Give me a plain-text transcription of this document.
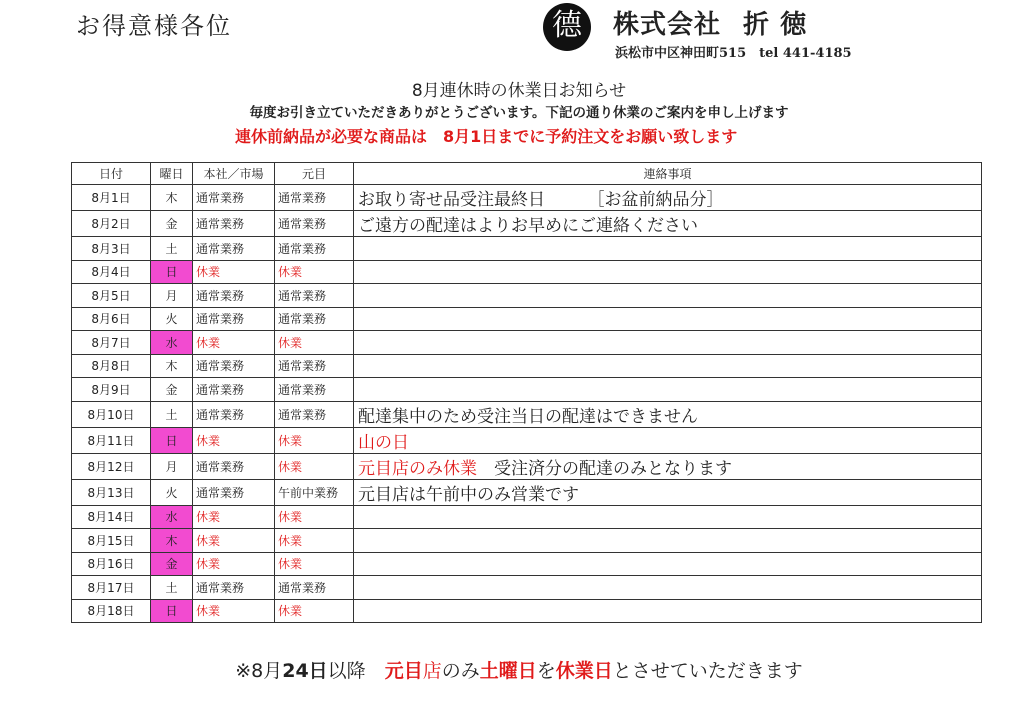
お得意様各位	德	株式会社 折 徳
浜松市中区神田町515　tel 441-4185
8月連休時の休業日お知らせ
毎度お引き立ていただきありがとうございます。下記の通り休業のご案内を申し上げます
連休前納品が必要な商品は　8月1日までに予約注文をお願い致します
日付	曜日	本社／市場	元目	連絡事項
8月1日	木	通常業務	通常業務	お取り寄せ品受注最終日　　　［お盆前納品分］
8月2日	金	通常業務	通常業務	ご遠方の配達はよりお早めにご連絡ください
8月3日	土	通常業務	通常業務	
8月4日	日	休業	休業	
8月5日	月	通常業務	通常業務	
8月6日	火	通常業務	通常業務	
8月7日	水	休業	休業	
8月8日	木	通常業務	通常業務	
8月9日	金	通常業務	通常業務	
8月10日	土	通常業務	通常業務	配達集中のため受注当日の配達はできません
8月11日	日	休業	休業	山の日
8月12日	月	通常業務	休業	元目店のみ休業　受注済分の配達のみとなります
8月13日	火	通常業務	午前中業務	元目店は午前中のみ営業です
8月14日	水	休業	休業	
8月15日	木	休業	休業	
8月16日	金	休業	休業	
8月17日	土	通常業務	通常業務	
8月18日	日	休業	休業	
※8月24日以降　元目店のみ土曜日を休業日とさせていただきます
